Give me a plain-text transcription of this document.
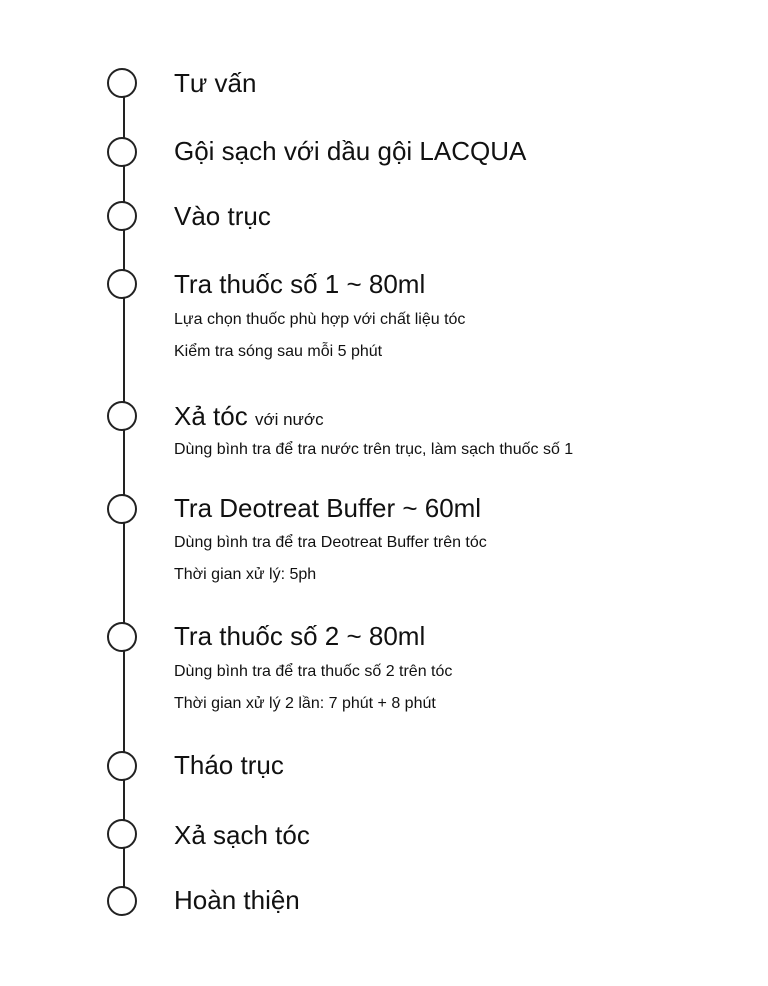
Tư vấn
Gội sạch với dầu gội LACQUA
Vào trục
Tra thuốc số 1 ~ 80ml
Lựa chọn thuốc phù hợp với chất liệu tóc
Kiểm tra sóng sau mỗi 5 phút
Xả tóc với nước
Dùng bình tra để tra nước trên trục, làm sạch thuốc số 1
Tra Deotreat Buffer ~ 60ml
Dùng bình tra để tra Deotreat Buffer trên tóc
Thời gian xử lý: 5ph
Tra thuốc số 2 ~ 80ml
Dùng bình tra để tra thuốc số 2 trên tóc
Thời gian xử lý 2 lần: 7 phút + 8 phút
Tháo trục
Xả sạch tóc
Hoàn thiện
